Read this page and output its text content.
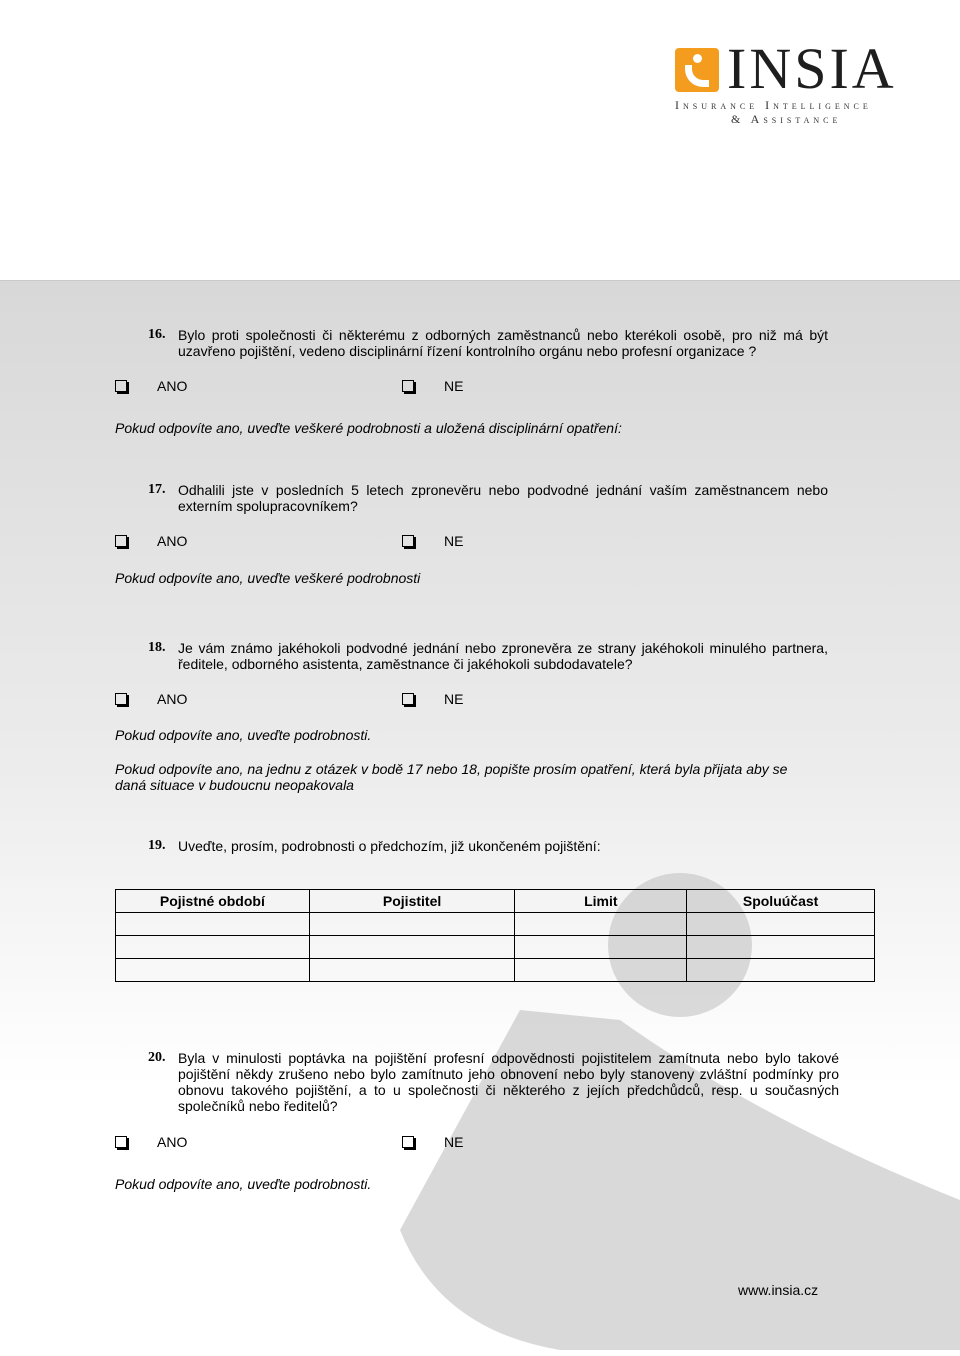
INSIA
Insurance Intelligence
& Assistance
16. Bylo proti společnosti či některému z odborných zaměstnanců nebo kterékoli osobě, pro niž má být uzavřeno pojištění, vedeno disciplinární řízení kontrolního orgánu nebo profesní organizace ?
ANO	NE
Pokud odpovíte ano, uveďte veškeré podrobnosti a uložená disciplinární opatření:
17. Odhalili jste v posledních 5 letech zpronevěru nebo podvodné jednání vaším zaměstnancem nebo externím spolupracovníkem?
ANO	NE
Pokud odpovíte ano, uveďte veškeré podrobnosti
18. Je vám známo jakéhokoli podvodné jednání nebo zpronevěra ze strany jakéhokoli minulého partnera, ředitele, odborného asistenta, zaměstnance či jakéhokoli subdodavatele?
ANO	NE
Pokud odpovíte ano, uveďte podrobnosti.
Pokud odpovíte ano, na jednu z otázek v bodě 17 nebo 18, popište prosím opatření, která byla přijata aby se daná situace v budoucnu neopakovala
19. Uveďte, prosím, podrobnosti o předchozím, již ukončeném pojištění:
Pojistné období	Pojistitel	Limit	Spoluúčast

20. Byla v minulosti poptávka na pojištění profesní odpovědnosti pojistitelem zamítnuta nebo bylo takové pojištění někdy zrušeno nebo bylo zamítnuto jeho obnovení nebo byly stanoveny zvláštní podmínky pro obnovu takového pojištění, a to u společnosti či některého z jejích předchůdců, resp. u současných společníků nebo ředitelů?
ANO	NE
Pokud odpovíte ano, uveďte podrobnosti.
www.insia.cz
